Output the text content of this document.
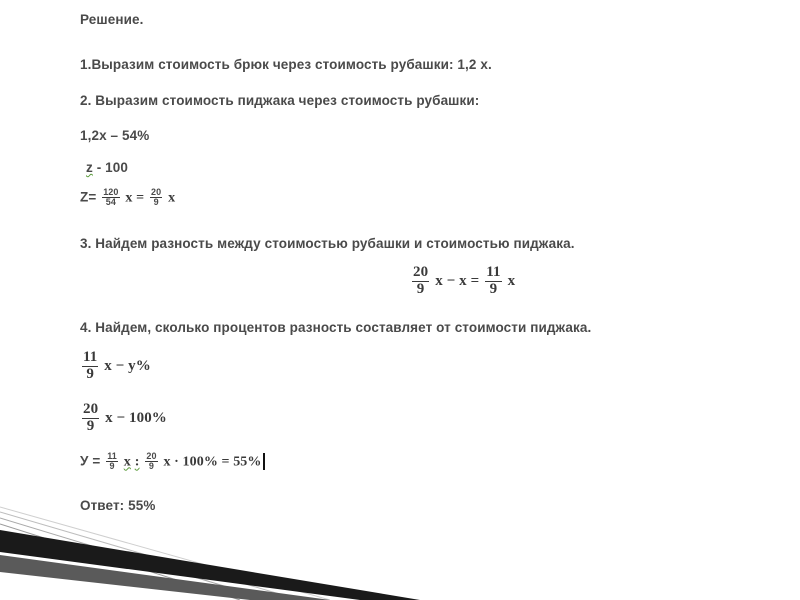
Решение.
1.Выразим стоимость брюк через стоимость рубашки: 1,2 х.
2. Выразим стоимость пиджака через стоимость рубашки:
1,2х – 54%
z - 100
$Z= \frac{120}{54}$ $x = \frac{20}{9}$ x
3. Найдем разность между стоимостью рубашки и стоимостью пиджака.
$\frac{20}{9}$ $x - x = \frac{11}{9}$ x
4. Найдем, сколько процентов разность составляет от стоимости пиджака.
$\frac{11}{9}$ x − y%
$\frac{20}{9}$ x − 100%
$У = \frac{11}{9}$ x : $\frac{20}{9}$ x · 100% = 55%
Ответ: 55%
